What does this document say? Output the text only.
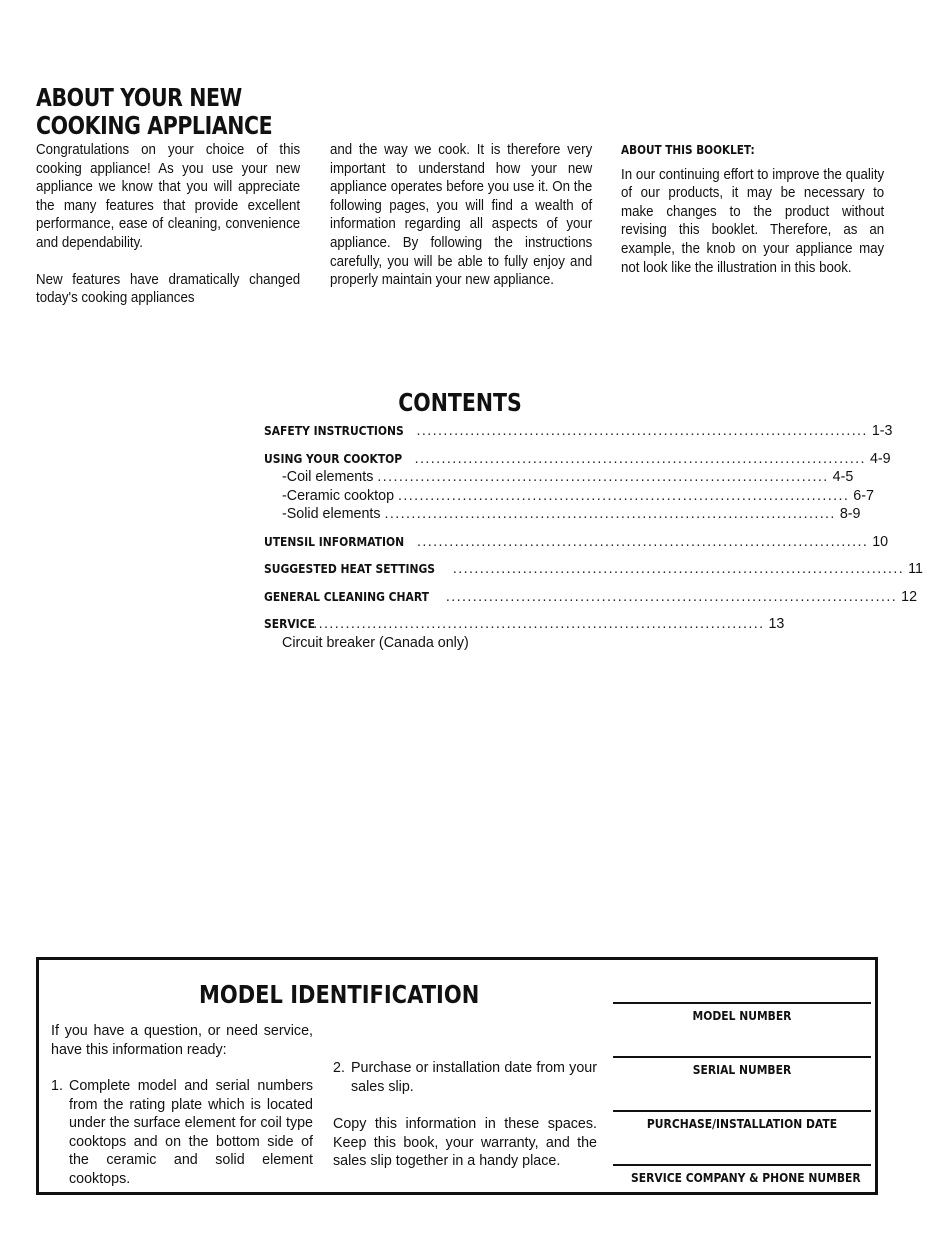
ABOUT YOUR NEW
COOKING APPLIANCE

Congratulations on your choice of this cooking appliance! As you use your new appliance we know that you will appreciate the many features that provide excellent performance, ease of cleaning, convenience and dependability.

New features have dramatically changed today's cooking appliances

and the way we cook. It is therefore very important to understand how your new appliance operates before you use it. On the following pages, you will find a wealth of information regarding all aspects of your appliance. By following the instructions carefully, you will be able to fully enjoy and properly maintain your new appliance.

ABOUT THIS BOOKLET:

In our continuing effort to improve the quality of our products, it may be necessary to make changes to the product without revising this booklet. Therefore, as an example, the knob on your appliance may not look like the illustration in this book.

CONTENTS
SAFETY INSTRUCTIONS .................................................................................... 1-3
USING YOUR COOKTOP .................................................................................... 4-9
-Coil elements .................................................................................... 4-5
-Ceramic cooktop .................................................................................... 6-7
-Solid elements .................................................................................... 8-9
UTENSIL INFORMATION .................................................................................... 10
SUGGESTED HEAT SETTINGS .................................................................................... 11
GENERAL CLEANING CHART .................................................................................... 12
SERVICE
.................................................................................... 13
Circuit breaker (Canada only)
MODEL IDENTIFICATION
If you have a question, or need service, have this information ready:
1. Complete model and serial numbers from the rating plate which is located under the surface element for coil type cooktops and on the bottom side of the ceramic and solid element cooktops.
2. Purchase or installation date from your sales slip.
Copy this information in these spaces. Keep this book, your warranty, and the sales slip together in a handy place.
MODEL NUMBER
SERIAL NUMBER
PURCHASE/INSTALLATION DATE
SERVICE COMPANY & PHONE NUMBER
